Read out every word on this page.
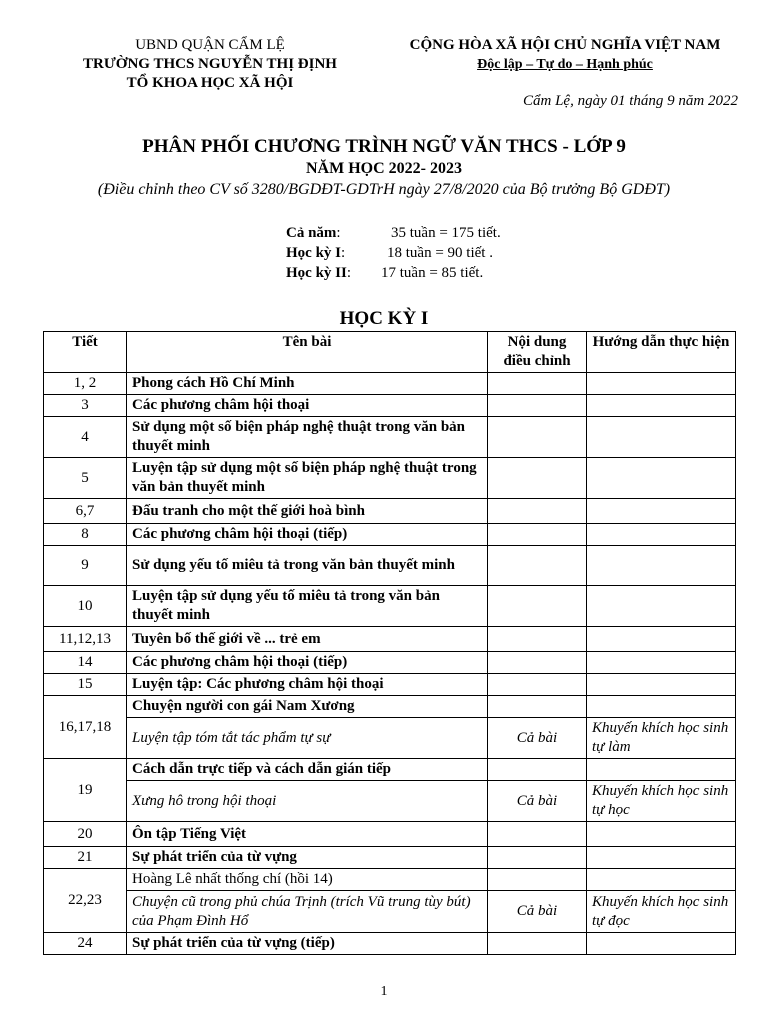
UBND QUẬN CẨM LỆ
TRƯỜNG THCS NGUYỄN THỊ ĐỊNH
TỔ KHOA HỌC XÃ HỘI
CỘNG HÒA XÃ HỘI CHỦ NGHĨA VIỆT NAM
Độc lập – Tự do – Hạnh phúc
Cẩm Lệ, ngày 01 tháng 9 năm 2022
PHÂN PHỐI CHƯƠNG TRÌNH NGỮ VĂN THCS - LỚP 9
NĂM HỌC 2022- 2023
(Điều chỉnh theo CV số 3280/BGDĐT-GDTrH ngày 27/8/2020 của Bộ trưởng Bộ GDĐT)
Cả năm:	35 tuần = 175 tiết.
Học kỳ I:	18 tuần = 90 tiết .
Học kỳ II:	17 tuần = 85 tiết.
HỌC KỲ I
Tiết	Tên bài	Nội dung điều chỉnh	Hướng dẫn thực hiện
1, 2	Phong cách Hồ Chí Minh		
3	Các phương châm hội thoại		
4	Sử dụng một số biện pháp nghệ thuật trong văn bản thuyết minh		
5	Luyện tập sử dụng một số biện pháp nghệ thuật trong văn bản thuyết minh		
6,7	Đấu tranh cho một thế giới hoà bình		
8	Các phương châm hội thoại (tiếp)		
9	Sử dụng yếu tố miêu tả trong văn bản thuyết minh		
10	Luyện tập sử dụng yếu tố miêu tả trong văn bản thuyết minh		
11,12,13	Tuyên bố thế giới về ... trẻ em		
14	Các phương châm hội thoại (tiếp)		
15	Luyện tập: Các phương châm hội thoại		
16,17,18	Chuyện người con gái Nam Xương		
	Luyện tập tóm tắt tác phẩm tự sự	Cả bài	Khuyến khích học sinh tự làm
19	Cách dẫn trực tiếp và cách dẫn gián tiếp		
	Xưng hô trong hội thoại	Cả bài	Khuyến khích học sinh tự học
20	Ôn tập Tiếng Việt		
21	Sự phát triển của từ vựng		
22,23	Hoàng Lê nhất thống chí (hồi 14)		
	Chuyện cũ trong phủ chúa Trịnh (trích Vũ trung tùy bút) của Phạm Đình Hổ	Cả bài	Khuyến khích học sinh tự đọc
24	Sự phát triển của từ vựng (tiếp)		
1
